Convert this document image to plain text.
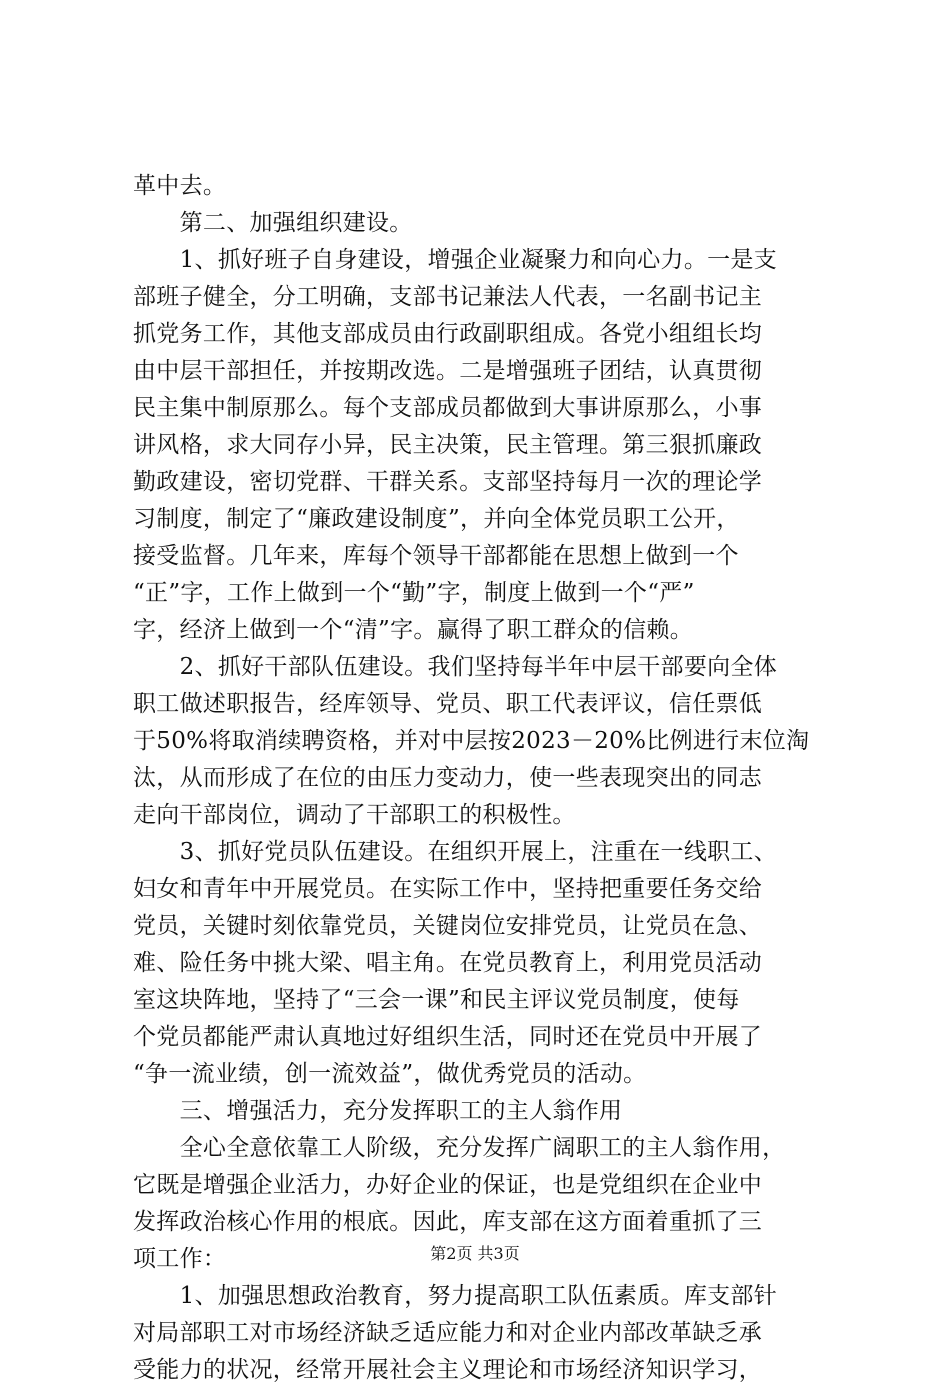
革中去。
　　第二、加强组织建设。
　　1、抓好班子自身建设，增强企业凝聚力和向心力。一是支
部班子健全，分工明确，支部书记兼法人代表，一名副书记主
抓党务工作，其他支部成员由行政副职组成。各党小组组长均
由中层干部担任，并按期改选。二是增强班子团结，认真贯彻
民主集中制原那么。每个支部成员都做到大事讲原那么，小事
讲风格，求大同存小异，民主决策，民主管理。第三狠抓廉政
勤政建设，密切党群、干群关系。支部坚持每月一次的理论学
习制度，制定了“廉政建设制度”，并向全体党员职工公开，
接受监督。几年来，库每个领导干部都能在思想上做到一个
“正”字，工作上做到一个“勤”字，制度上做到一个“严”
字，经济上做到一个“清”字。赢得了职工群众的信赖。
　　2、抓好干部队伍建设。我们坚持每半年中层干部要向全体
职工做述职报告，经库领导、党员、职工代表评议，信任票低
于50%将取消续聘资格，并对中层按2023－20%比例进行末位淘
汰，从而形成了在位的由压力变动力，使一些表现突出的同志
走向干部岗位，调动了干部职工的积极性。
　　3、抓好党员队伍建设。在组织开展上，注重在一线职工、
妇女和青年中开展党员。在实际工作中，坚持把重要任务交给
党员，关键时刻依靠党员，关键岗位安排党员，让党员在急、
难、险任务中挑大梁、唱主角。在党员教育上，利用党员活动
室这块阵地，坚持了“三会一课”和民主评议党员制度，使每
个党员都能严肃认真地过好组织生活，同时还在党员中开展了
“争一流业绩，创一流效益”，做优秀党员的活动。
　　三、增强活力，充分发挥职工的主人翁作用
　　全心全意依靠工人阶级，充分发挥广阔职工的主人翁作用，
它既是增强企业活力，办好企业的保证，也是党组织在企业中
发挥政治核心作用的根底。因此，库支部在这方面着重抓了三
项工作：
　　1、加强思想政治教育，努力提高职工队伍素质。库支部针
对局部职工对市场经济缺乏适应能力和对企业内部改革缺乏承
受能力的状况，经常开展社会主义理论和市场经济知识学习，
第2页 共3页
